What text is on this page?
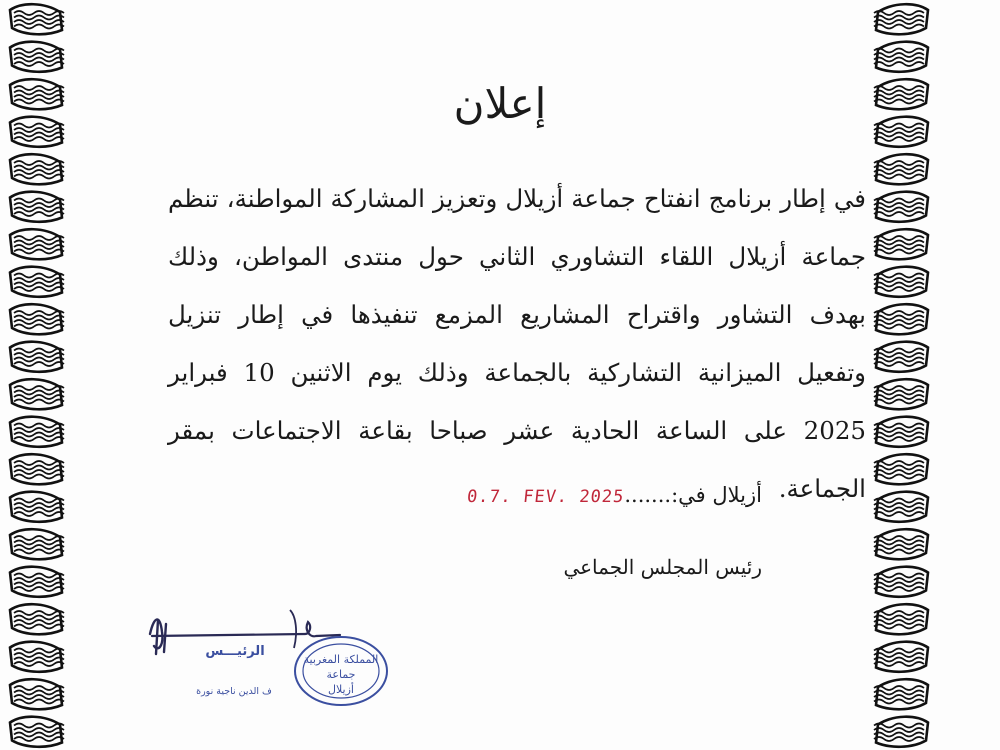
إعلان
في إطار برنامج انفتاح جماعة أزيلال وتعزيز المشاركة المواطنة، تنظم جماعة أزيلال اللقاء التشاوري الثاني حول منتدى المواطن، وذلك بهدف التشاور واقتراح المشاريع المزمع تنفيذها في إطار تنزيل وتفعيل الميزانية التشاركية بالجماعة وذلك يوم الاثنين 10 فبراير 2025 على الساعة الحادية عشر صباحا بقاعة الاجتماعات بمقر الجماعة.
أزيلال في:.......0.7. FEV. 2025
رئيس المجلس الجماعي
الرئيـــس
المملكة المغربية
جماعة
أزيلال
ف الدين ناجية نورة
